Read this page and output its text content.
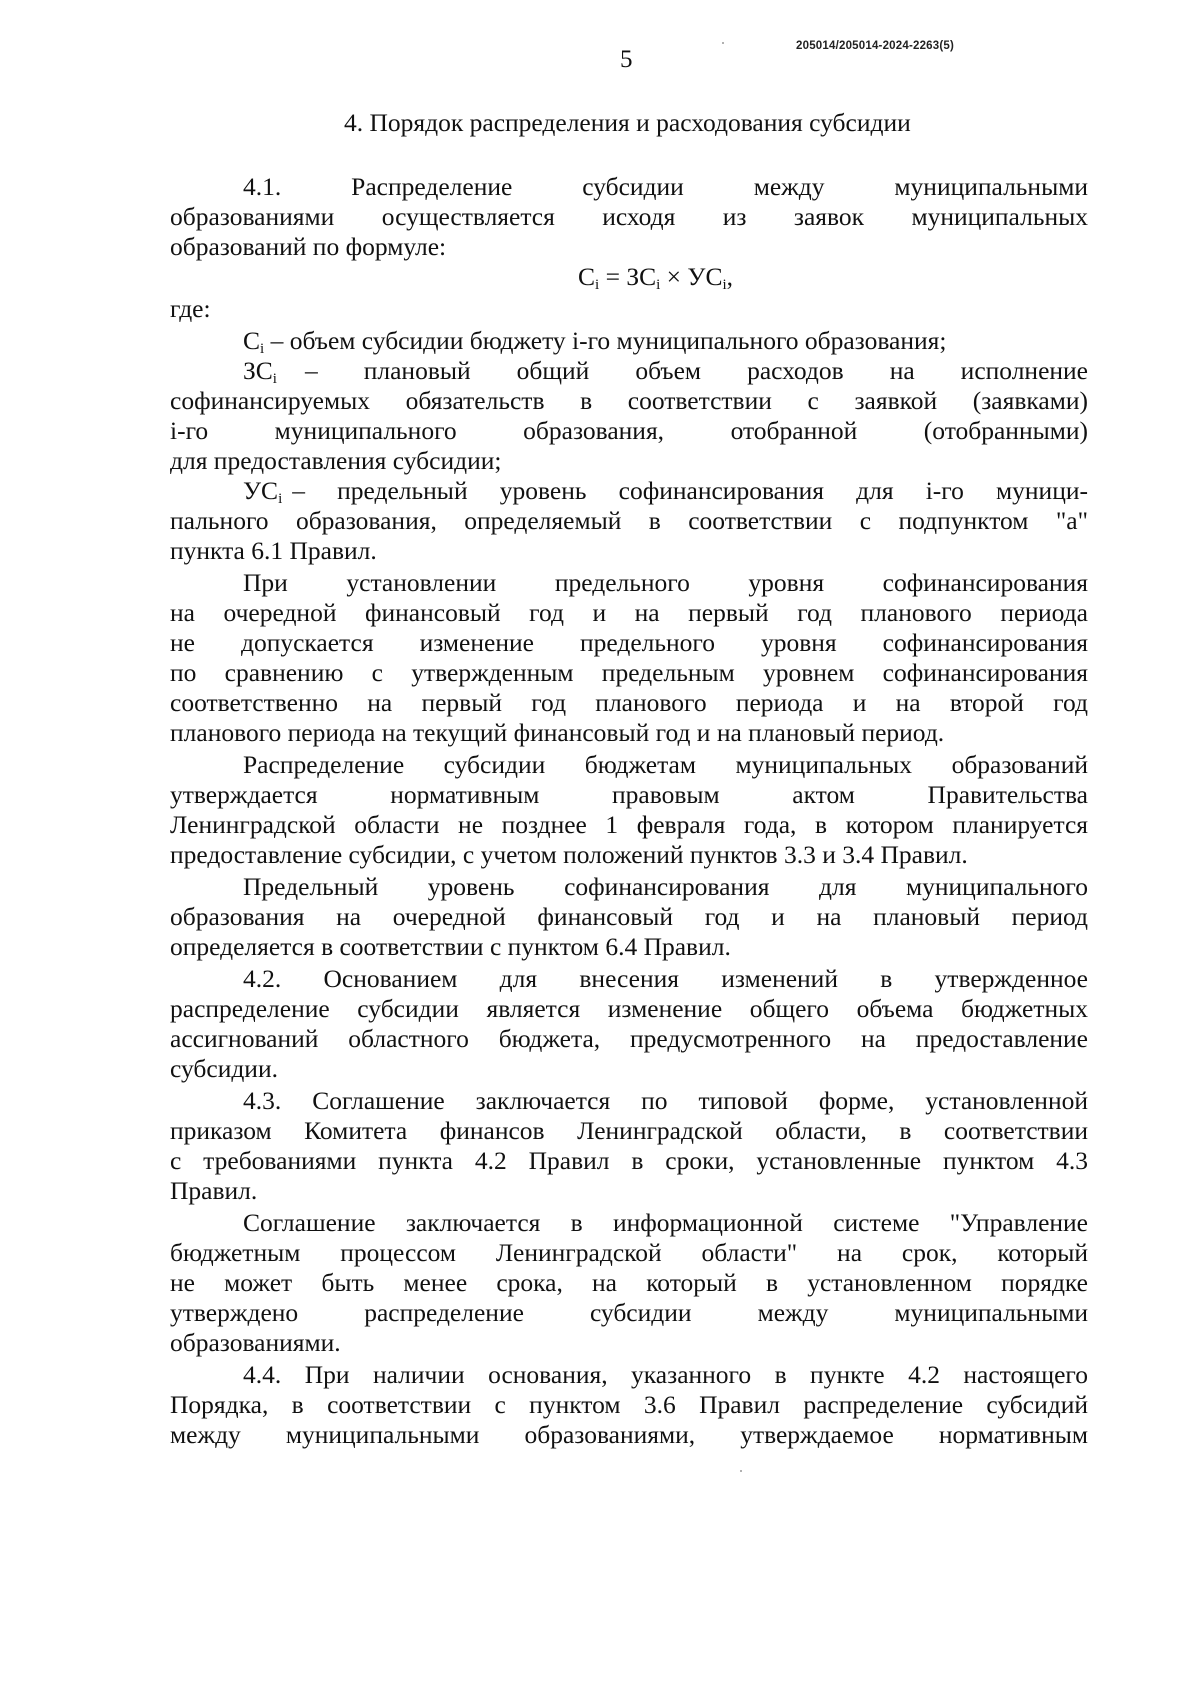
205014/205014-2024-2263(5)
5
4. Порядок распределения и расходования субсидии
4.1. Распределение субсидии между муниципальными
образованиями осуществляется исходя из заявок муниципальных
образований по формуле:
$C_i = ЗC_i \times УС_i$,
где:
$C_i$ – объем субсидии бюджету i-го муниципального образования;
$ЗC_i$	– плановый общий объем расходов на исполнение
софинансируемых обязательств в соответствии с заявкой (заявками)
i-го муниципального образования, отобранной (отобранными)
для предоставления субсидии;
$УС_i$ – предельный уровень софинансирования для i-го муници-
пального образования, определяемый в соответствии с подпунктом "а"
пункта 6.1 Правил.
При установлении предельного уровня софинансирования
на очередной финансовый год и на первый год планового периода
не допускается изменение предельного уровня софинансирования
по сравнению с утвержденным предельным уровнем софинансирования
соответственно на первый год планового периода и на второй год
планового периода на текущий финансовый год и на плановый период.
Распределение субсидии бюджетам муниципальных образований
утверждается нормативным правовым актом Правительства
Ленинградской области не позднее 1 февраля года, в котором планируется
предоставление субсидии, с учетом положений пунктов 3.3 и 3.4 Правил.
Предельный уровень софинансирования для муниципального
образования на очередной финансовый год и на плановый период
определяется в соответствии с пунктом 6.4 Правил.
4.2. Основанием для внесения изменений в утвержденное
распределение субсидии является изменение общего объема бюджетных
ассигнований областного бюджета, предусмотренного на предоставление
субсидии.
4.3. Соглашение заключается по типовой форме, установленной
приказом Комитета финансов Ленинградской области, в соответствии
с требованиями пункта 4.2 Правил в сроки, установленные пунктом 4.3
Правил.
Соглашение заключается в информационной системе "Управление
бюджетным процессом Ленинградской области" на срок, который
не может быть менее срока, на который в установленном порядке
утверждено распределение субсидии между муниципальными
образованиями.
4.4. При наличии основания, указанного в пункте 4.2 настоящего
Порядка, в соответствии с пунктом 3.6 Правил распределение субсидий
между муниципальными образованиями, утверждаемое нормативным
